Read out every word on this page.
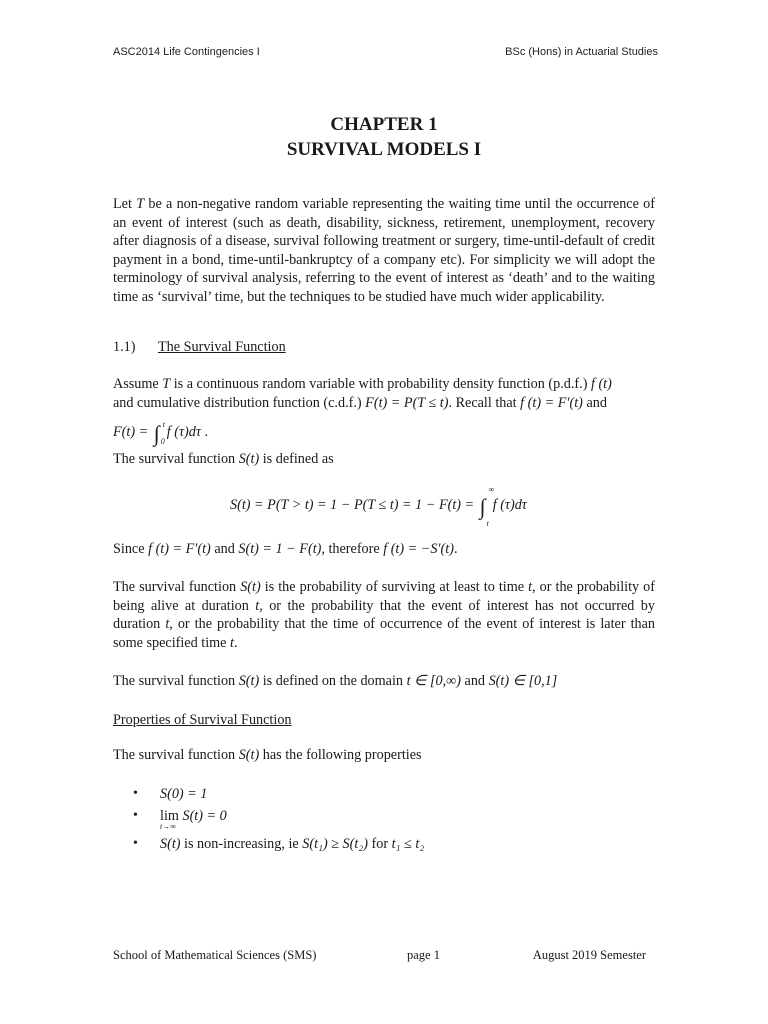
ASC2014 Life Contingencies I	BSc (Hons) in Actuarial Studies
CHAPTER 1
SURVIVAL MODELS I

Let T be a non-negative random variable representing the waiting time until the occurrence of an event of interest (such as death, disability, sickness, retirement, unemployment, recovery after diagnosis of a disease, survival following treatment or surgery, time-until-default of credit payment in a bond, time-until-bankruptcy of a company etc). For simplicity we will adopt the terminology of survival analysis, referring to the event of interest as ‘death’ and to the waiting time as ‘survival’ time, but the techniques to be studied have much wider applicability.

1.1) The Survival Function
Assume T is a continuous random variable with probability density function (p.d.f.) f (t)
and cumulative distribution function (c.d.f.) F(t) = P(T ≤ t). Recall that f (t) = F′(t) and
F(t) = ∫ t
0
f (τ)dτ .
The survival function S(t) is defined as
S(t) = P(T > t) = 1 − P(T ≤ t) = 1 − F(t) = ∫
∞
t
f (τ)dτ
Since f (t) = F′(t) and S(t) = 1 − F(t), therefore f (t) = −S′(t).

The survival function S(t) is the probability of surviving at least to time t, or the probability of being alive at duration t, or the probability that the event of interest has not occurred by duration t, or the probability that the time of occurrence of the event of interest is later than some specified time t.

The survival function S(t) is defined on the domain t ∈ [0,∞) and S(t) ∈ [0,1]
Properties of Survival Function
The survival function S(t) has the following properties
• S(0) = 1
• lim
t→∞
S(t) = 0
• S(t) is non-increasing, ie S(t₁) ≥ S(t₂) for t₁ ≤ t₂
School of Mathematical Sciences (SMS)	page 1	August 2019 Semester
